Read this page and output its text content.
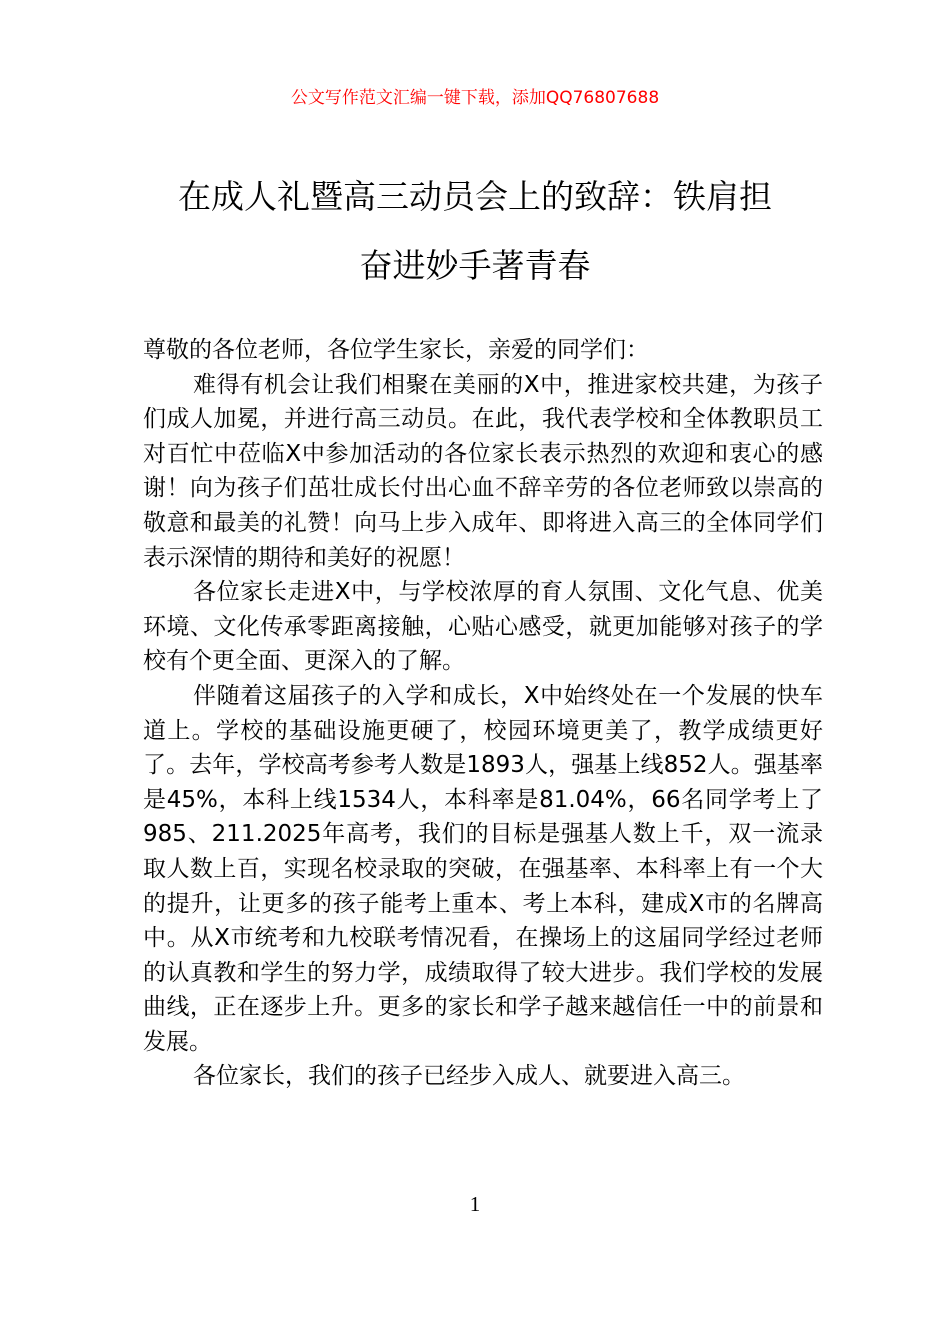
公文写作范文汇编一键下载，添加QQ76807688
在成人礼暨高三动员会上的致辞：铁肩担
奋进妙手著青春

尊敬的各位老师，各位学生家长，亲爱的同学们：

难得有机会让我们相聚在美丽的X中，推进家校共建，为孩子们成人加冕，并进行高三动员。在此，我代表学校和全体教职员工对百忙中莅临X中参加活动的各位家长表示热烈的欢迎和衷心的感谢！向为孩子们茁壮成长付出心血不辞辛劳的各位老师致以崇高的敬意和最美的礼赞！向马上步入成年、即将进入高三的全体同学们表示深情的期待和美好的祝愿！

各位家长走进X中，与学校浓厚的育人氛围、文化气息、优美环境、文化传承零距离接触，心贴心感受，就更加能够对孩子的学校有个更全面、更深入的了解。

伴随着这届孩子的入学和成长，X中始终处在一个发展的快车道上。学校的基础设施更硬了，校园环境更美了，教学成绩更好了。去年，学校高考参考人数是1893人，强基上线852人。强基率是45%，本科上线1534人，本科率是81.04%，66名同学考上了985、211.2025年高考，我们的目标是强基人数上千，双一流录取人数上百，实现名校录取的突破，在强基率、本科率上有一个大的提升，让更多的孩子能考上重本、考上本科，建成X市的名牌高中。从X市统考和九校联考情况看，在操场上的这届同学经过老师的认真教和学生的努力学，成绩取得了较大进步。我们学校的发展曲线，正在逐步上升。更多的家长和学子越来越信任一中的前景和发展。

各位家长，我们的孩子已经步入成人、就要进入高三。

1
